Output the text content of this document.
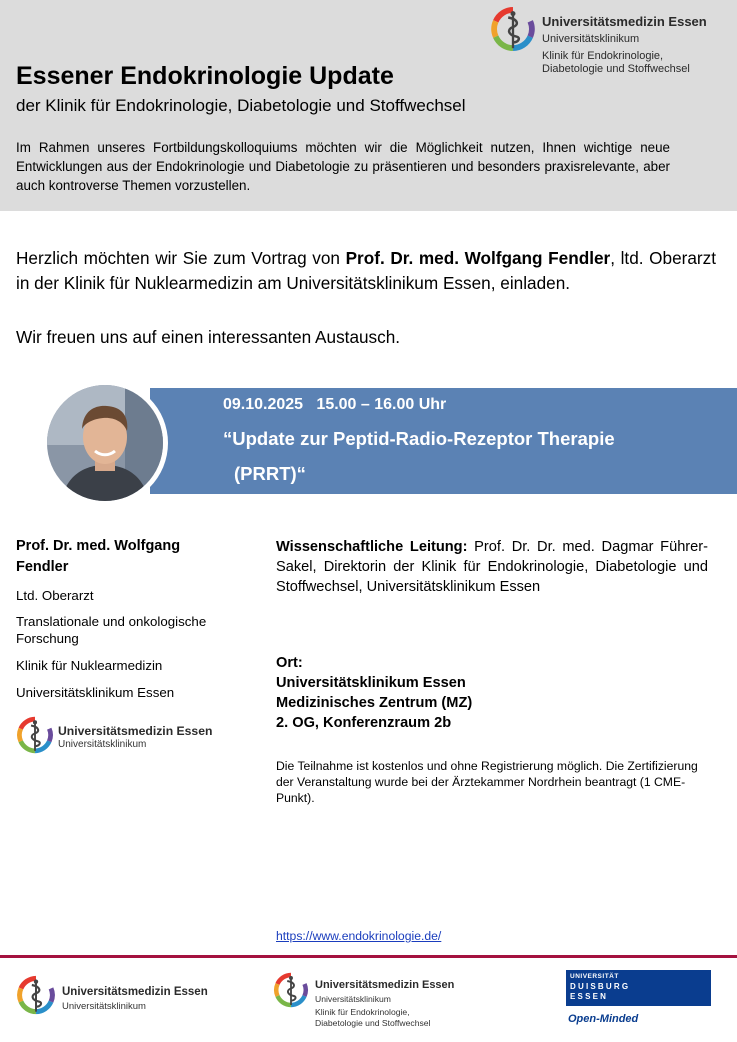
Universitätsmedizin Essen
Universitätsklinikum
Klinik für Endokrinologie, Diabetologie und Stoffwechsel
Essener Endokrinologie Update
der Klinik für Endokrinologie, Diabetologie und Stoffwechsel
Im Rahmen unseres Fortbildungskolloquiums möchten wir die Möglichkeit nutzen, Ihnen wichtige neue Entwicklungen aus der Endokrinologie und Diabetologie zu präsentieren und besonders praxisrelevante, aber auch kontroverse Themen vorzustellen.
Herzlich möchten wir Sie zum Vortrag von Prof. Dr. med. Wolfgang Fendler, ltd. Oberarzt in der Klinik für Nuklearmedizin am Universitätsklinikum Essen, einladen.
Wir freuen uns auf einen interessanten Austausch.
09.10.2025   15.00 – 16.00 Uhr
“Update zur Peptid-Radio-Rezeptor Therapie
(PRRT)“
Prof. Dr. med. Wolfgang Fendler
Ltd. Oberarzt
Translationale und onkologische Forschung
Klinik für Nuklearmedizin
Universitätsklinikum Essen
Universitätsmedizin Essen
Universitätsklinikum
Wissenschaftliche Leitung: Prof. Dr. Dr. med. Dagmar Führer-Sakel, Direktorin der Klinik für Endokrinologie, Diabetologie und Stoffwechsel, Universitätsklinikum Essen
Ort:
Universitätsklinikum Essen
Medizinisches Zentrum (MZ)
2. OG, Konferenzraum 2b
Die Teilnahme ist kostenlos und ohne Registrierung möglich. Die Zertifizierung der Veranstaltung wurde bei der Ärztekammer Nordrhein beantragt (1 CME-Punkt).
https://www.endokrinologie.de/
Universitätsmedizin Essen
Universitätsklinikum
Universitätsmedizin Essen
Universitätsklinikum
Klinik für Endokrinologie,
Diabetologie und Stoffwechsel
UNIVERSITÄT
DUISBURG
ESSEN
Open-Minded
